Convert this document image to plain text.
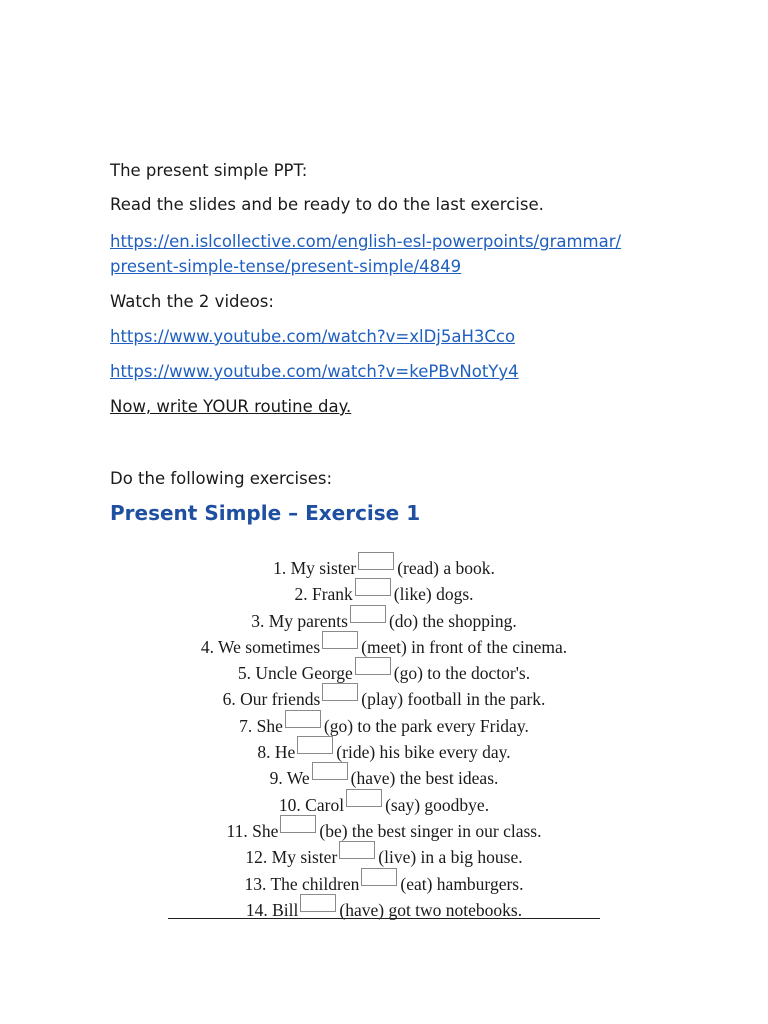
The present simple PPT:

Read the slides and be ready to do the last exercise.

https://en.islcollective.com/english-esl-powerpoints/grammar/

present-simple-tense/present-simple/4849

Watch the 2 videos:

https://www.youtube.com/watch?v=xlDj5aH3Cco

https://www.youtube.com/watch?v=kePBvNotYy4

Now, write YOUR routine day.

Do the following exercises:

Present Simple – Exercise 1
1. My sister (read) a book.
2. Frank (like) dogs.
3. My parents (do) the shopping.
4. We sometimes (meet) in front of the cinema.
5. Uncle George (go) to the doctor's.
6. Our friends (play) football in the park.
7. She (go) to the park every Friday.
8. He (ride) his bike every day.
9. We (have) the best ideas.
10. Carol (say) goodbye.
11. She (be) the best singer in our class.
12. My sister (live) in a big house.
13. The children (eat) hamburgers.
14. Bill (have) got two notebooks.
